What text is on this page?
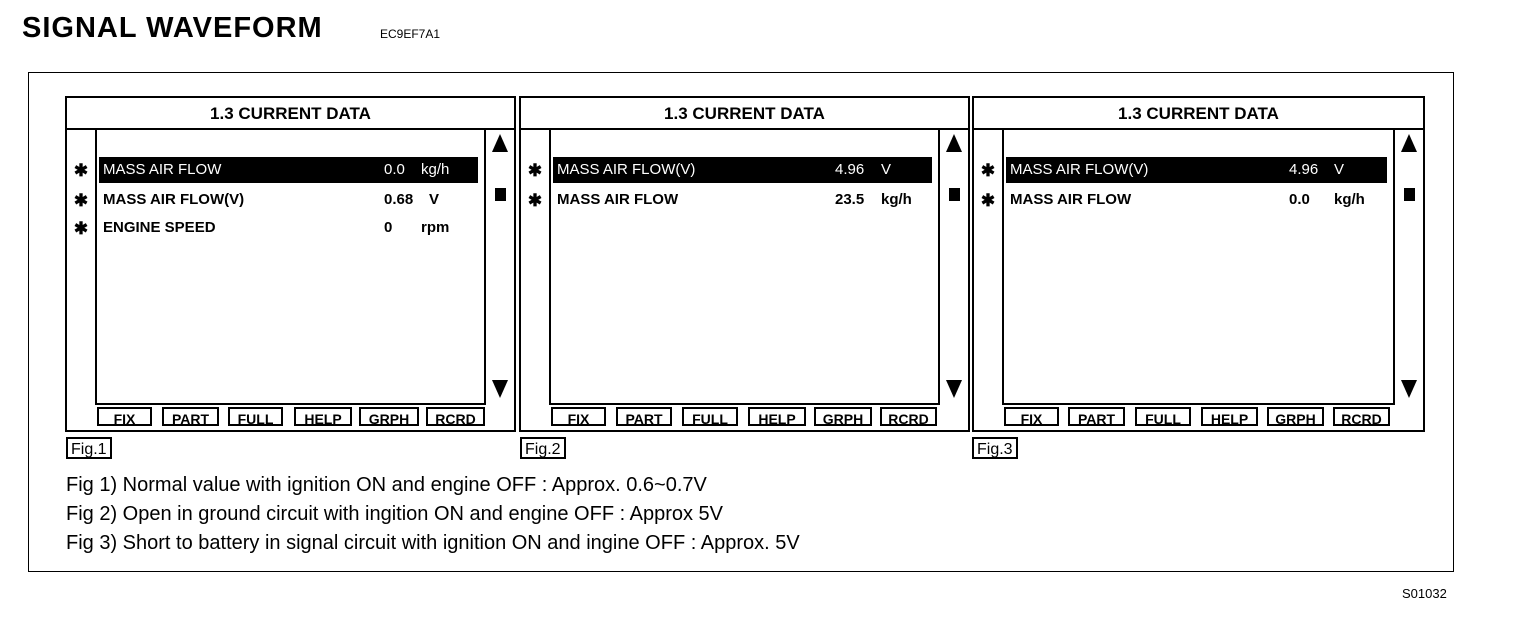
SIGNAL WAVEFORM	EC9EF7A1
1.3 CURRENT DATA
✱
✱
✱
MASS AIR FLOW	0.0 kg/h
MASS AIR FLOW(V)	0.68 V
ENGINE SPEED	0 rpm
FIX	PART	FULL	HELP	GRPH	RCRD
Fig.1
1.3 CURRENT DATA
✱
✱
MASS AIR FLOW(V)	4.96 V
MASS AIR FLOW	23.5 kg/h
FIX	PART	FULL	HELP	GRPH	RCRD
Fig.2
1.3 CURRENT DATA
✱
✱
MASS AIR FLOW(V)	4.96 V
MASS AIR FLOW	0.0 kg/h
FIX	PART	FULL	HELP	GRPH	RCRD
Fig.3
Fig 1) Normal value with ignition ON and engine OFF : Approx. 0.6~0.7V
Fig 2) Open in ground circuit with ingition ON and engine OFF : Approx 5V
Fig 3) Short to battery in signal circuit with ignition ON and ingine OFF : Approx. 5V
S01032
